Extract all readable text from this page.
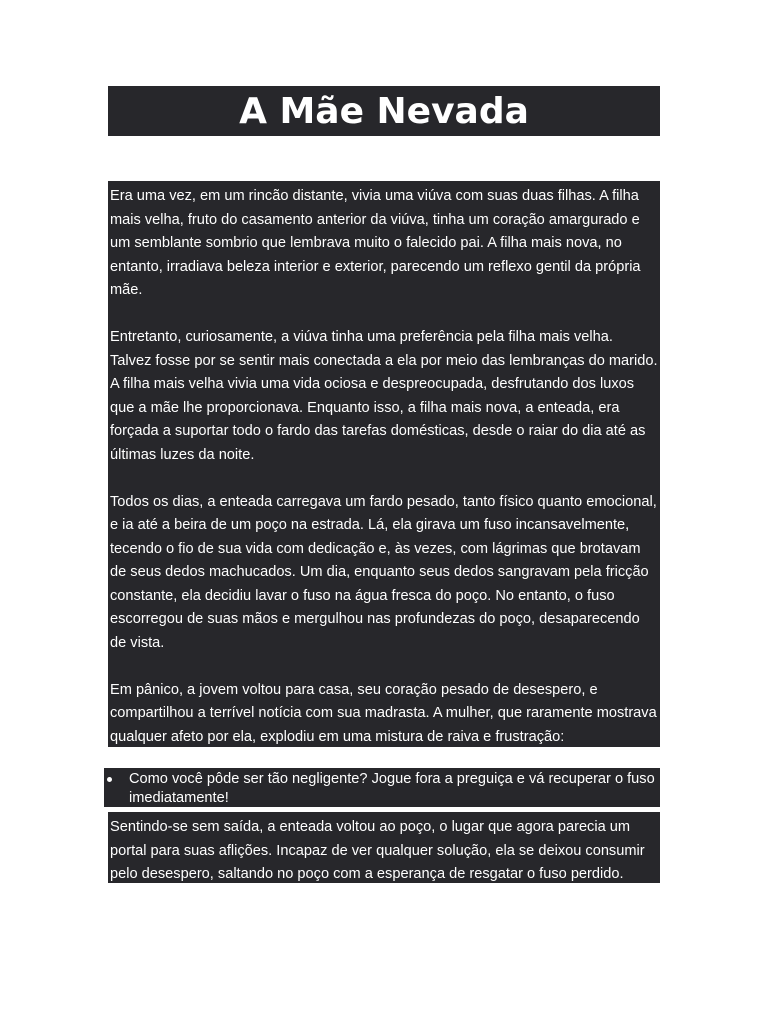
A Mãe Nevada

Era uma vez, em um rincão distante, vivia uma viúva com suas duas filhas. A filha mais velha, fruto do casamento anterior da viúva, tinha um coração amargurado e um semblante sombrio que lembrava muito o falecido pai. A filha mais nova, no entanto, irradiava beleza interior e exterior, parecendo um reflexo gentil da própria mãe.

Entretanto, curiosamente, a viúva tinha uma preferência pela filha mais velha. Talvez fosse por se sentir mais conectada a ela por meio das lembranças do marido. A filha mais velha vivia uma vida ociosa e despreocupada, desfrutando dos luxos que a mãe lhe proporcionava. Enquanto isso, a filha mais nova, a enteada, era forçada a suportar todo o fardo das tarefas domésticas, desde o raiar do dia até as últimas luzes da noite.

Todos os dias, a enteada carregava um fardo pesado, tanto físico quanto emocional, e ia até a beira de um poço na estrada. Lá, ela girava um fuso incansavelmente, tecendo o fio de sua vida com dedicação e, às vezes, com lágrimas que brotavam de seus dedos machucados. Um dia, enquanto seus dedos sangravam pela fricção constante, ela decidiu lavar o fuso na água fresca do poço. No entanto, o fuso escorregou de suas mãos e mergulhou nas profundezas do poço, desaparecendo de vista.

Em pânico, a jovem voltou para casa, seu coração pesado de desespero, e compartilhou a terrível notícia com sua madrasta. A mulher, que raramente mostrava qualquer afeto por ela, explodiu em uma mistura de raiva e frustração:

Como você pôde ser tão negligente? Jogue fora a preguiça e vá recuperar o fuso imediatamente!

Sentindo-se sem saída, a enteada voltou ao poço, o lugar que agora parecia um portal para suas aflições. Incapaz de ver qualquer solução, ela se deixou consumir pelo desespero, saltando no poço com a esperança de resgatar o fuso perdido.
